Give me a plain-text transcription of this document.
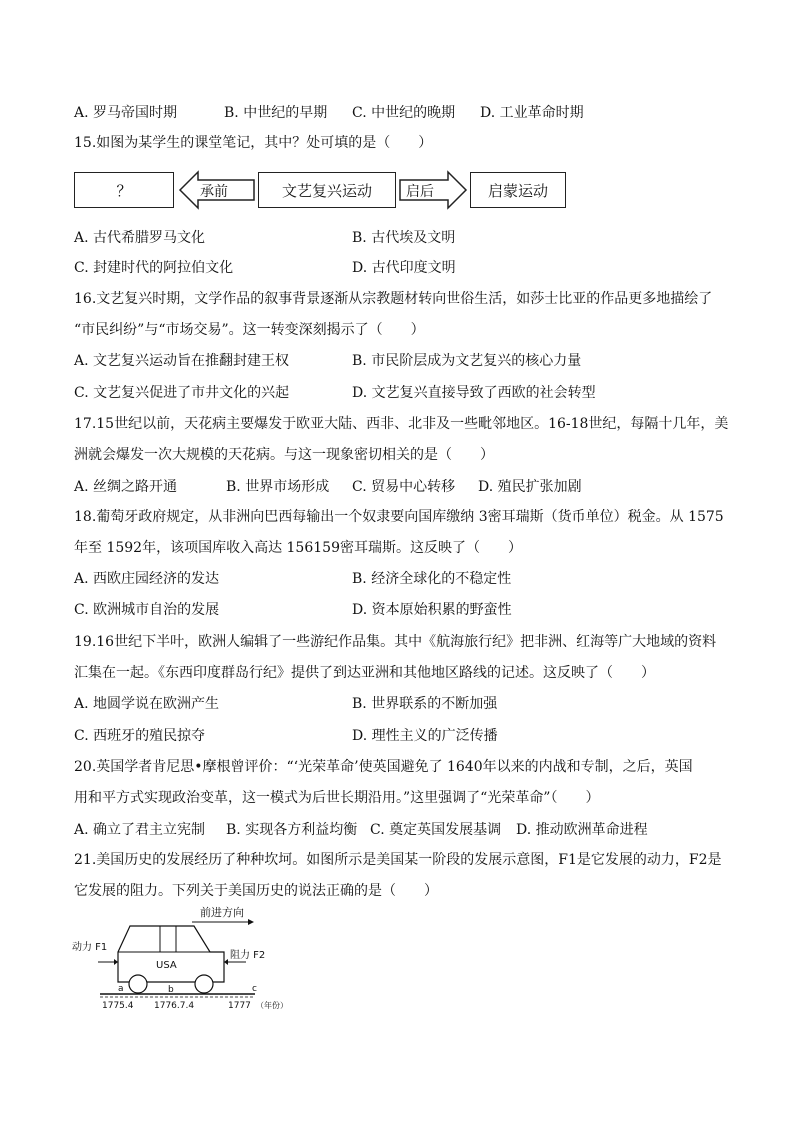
A. 罗马帝国时期	B. 中世纪的早期 C. 中世纪的晚期 D. 工业革命时期
15.如图为某学生的课堂笔记，其中？处可填的是（　　）
？	承前	文艺复兴运动	启后	启蒙运动
A. 古代希腊罗马文化	B. 古代埃及文明
C. 封建时代的阿拉伯文化	D. 古代印度文明
16.文艺复兴时期，文学作品的叙事背景逐渐从宗教题材转向世俗生活，如莎士比亚的作品更多地描绘了
“市民纠纷”与“市场交易”。这一转变深刻揭示了（　　）
A. 文艺复兴运动旨在推翻封建王权	B. 市民阶层成为文艺复兴的核心力量
C. 文艺复兴促进了市井文化的兴起	D. 文艺复兴直接导致了西欧的社会转型
17.15世纪以前，天花病主要爆发于欧亚大陆、西非、北非及一些毗邻地区。16-18世纪，每隔十几年，美
洲就会爆发一次大规模的天花病。与这一现象密切相关的是（　　）
A. 丝绸之路开通	B. 世界市场形成 C. 贸易中心转移 D. 殖民扩张加剧
18.葡萄牙政府规定，从非洲向巴西每输出一个奴隶要向国库缴纳 3密耳瑞斯（货币单位）税金。从 1575
年至 1592年，该项国库收入高达 156159密耳瑞斯。这反映了（　　）
A. 西欧庄园经济的发达	B. 经济全球化的不稳定性
C. 欧洲城市自治的发展	D. 资本原始积累的野蛮性
19.16世纪下半叶，欧洲人编辑了一些游纪作品集。其中《航海旅行纪》把非洲、红海等广大地域的资料
汇集在一起。《东西印度群岛行纪》提供了到达亚洲和其他地区路线的记述。这反映了（　　）
A. 地圆学说在欧洲产生	B. 世界联系的不断加强
C. 西班牙的殖民掠夺	D. 理性主义的广泛传播
20.英国学者肯尼思•摩根曾评价：“‘光荣革命’使英国避免了 1640年以来的内战和专制，之后，英国
用和平方式实现政治变革，这一模式为后世长期沿用。”这里强调了“光荣革命”（　　）
A. 确立了君主立宪制 B. 实现各方利益均衡 C. 奠定英国发展基调 D. 推动欧洲革命进程
21.美国历史的发展经历了种种坎坷。如图所示是美国某一阶段的发展示意图，F1是它发展的动力，F2是
它发展的阻力。下列关于美国历史的说法正确的是（　　）
前进方向
USA
动力 F1
阻力 F2
a	b	c
1775.4 1776.7.4	1777 （年份）
